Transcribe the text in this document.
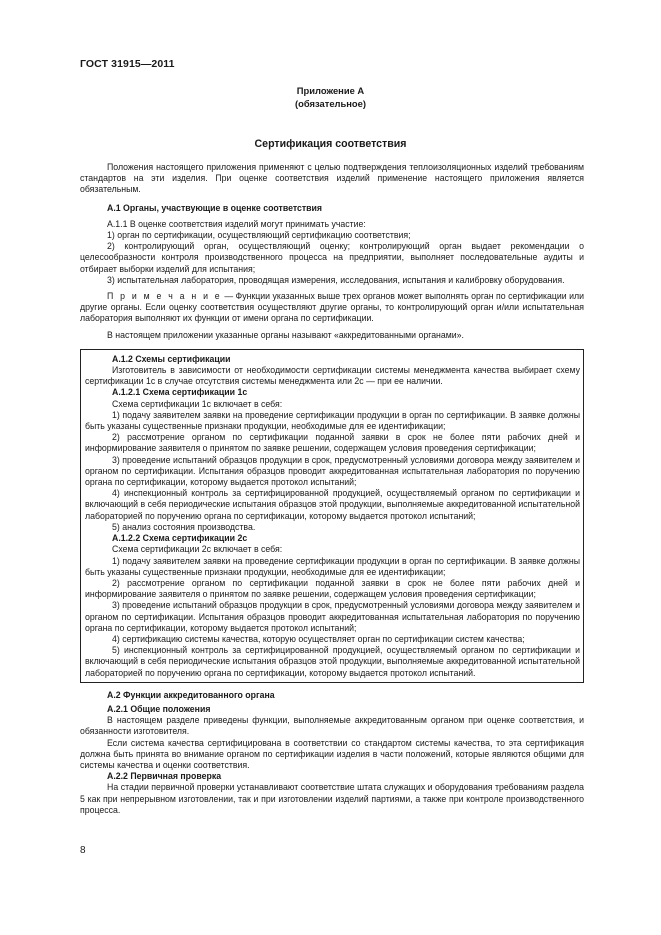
ГОСТ 31915—2011
Приложение А
(обязательное)
Сертификация соответствия

Положения настоящего приложения применяют с целью подтверждения теплоизоляционных изделий требованиям стандартов на эти изделия. При оценке соответствия изделий применение настоящего приложения является обязательным.

А.1 Органы, участвующие в оценке соответствия

А.1.1 В оценке соответствия изделий могут принимать участие:

1) орган по сертификации, осуществляющий сертификацию соответствия;

2) контролирующий орган, осуществляющий оценку; контролирующий орган выдает рекомендации о целесообразности контроля производственного процесса на предприятии, выполняет последовательные аудиты и отбирает выборки изделий для испытания;

3) испытательная лаборатория, проводящая измерения, исследования, испытания и калибровку оборудования.

П р и м е ч а н и е — Функции указанных выше трех органов может выполнять орган по сертификации или другие органы. Если оценку соответствия осуществляют другие органы, то контролирующий орган и/или испытательная лаборатория выполняют их функции от имени органа по сертификации.

В настоящем приложении указанные органы называют «аккредитованными органами».

А.1.2 Схемы сертификации

Изготовитель в зависимости от необходимости сертификации системы менеджмента качества выбирает схему сертификации 1с в случае отсутствия системы менеджмента или 2с — при ее наличии.

А.1.2.1 Схема сертификации 1с

Схема сертификации 1с включает в себя:

1) подачу заявителем заявки на проведение сертификации продукции в орган по сертификации. В заявке должны быть указаны существенные признаки продукции, необходимые для ее идентификации;

2) рассмотрение органом по сертификации поданной заявки в срок не более пяти рабочих дней и информирование заявителя о принятом по заявке решении, содержащем условия проведения сертификации;

3) проведение испытаний образцов продукции в срок, предусмотренный условиями договора между заявителем и органом по сертификации. Испытания образцов проводит аккредитованная испытательная лаборатория по поручению органа по сертификации, которому выдается протокол испытаний;

4) инспекционный контроль за сертифицированной продукцией, осуществляемый органом по сертификации и включающий в себя периодические испытания образцов этой продукции, выполняемые аккредитованной испытательной лабораторией по поручению органа по сертификации, которому выдается протокол испытаний;

5) анализ состояния производства.

А.1.2.2 Схема сертификации 2с

Схема сертификации 2с включает в себя:

1) подачу заявителем заявки на проведение сертификации продукции в орган по сертификации. В заявке должны быть указаны существенные признаки продукции, необходимые для ее идентификации;

2) рассмотрение органом по сертификации поданной заявки в срок не более пяти рабочих дней и информирование заявителя о принятом по заявке решении, содержащем условия проведения сертификации;

3) проведение испытаний образцов продукции в срок, предусмотренный условиями договора между заявителем и органом по сертификации. Испытания образцов проводит аккредитованная испытательная лаборатория по поручению органа по сертификации, которому выдается протокол испытаний;

4) сертификацию системы качества, которую осуществляет орган по сертификации систем качества;

5) инспекционный контроль за сертифицированной продукцией, осуществляемый органом по сертификации и включающий в себя периодические испытания образцов этой продукции, выполняемые аккредитованной испытательной лабораторией по поручению органа по сертификации, которому выдается протокол испытаний.

А.2 Функции аккредитованного органа

А.2.1 Общие положения

В настоящем разделе приведены функции, выполняемые аккредитованным органом при оценке соответствия, и обязанности изготовителя.

Если система качества сертифицирована в соответствии со стандартом системы качества, то эта сертификация должна быть принята во внимание органом по сертификации изделия в части положений, которые являются общими для системы качества и оценки соответствия.

А.2.2 Первичная проверка

На стадии первичной проверки устанавливают соответствие штата служащих и оборудования требованиям раздела 5 как при непрерывном изготовлении, так и при изготовлении изделий партиями, а также при контроле производственного процесса.

8
